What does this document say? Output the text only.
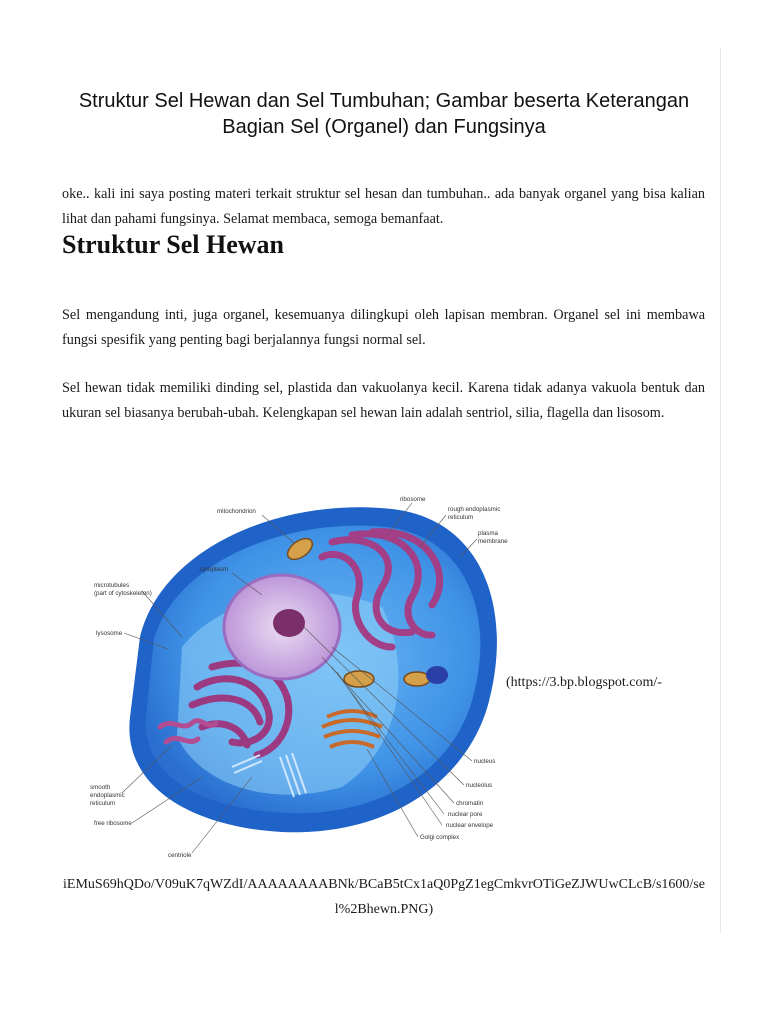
Struktur Sel Hewan dan Sel Tumbuhan; Gambar beserta Keterangan Bagian Sel (Organel) dan Fungsinya

oke.. kali ini saya posting materi terkait struktur sel hesan dan tumbuhan.. ada banyak organel yang bisa kalian lihat dan pahami fungsinya. Selamat membaca, semoga bemanfaat.

Struktur Sel Hewan

Sel mengandung inti, juga organel, kesemuanya dilingkupi oleh lapisan membran. Organel sel ini membawa fungsi spesifik yang penting bagi berjalannya fungsi normal sel.

Sel hewan tidak memiliki dinding sel, plastida dan vakuolanya kecil. Karena tidak adanya vakuola bentuk dan ukuran sel biasanya berubah-ubah. Kelengkapan sel hewan lain adalah sentriol, silia, flagella dan lisosom.

mitochondrion
ribosome
rough endoplasmic
reticulum
plasma
membrane
cytoplasm
microtubules
(part of cytoskeleton)
lysosome
smooth
endoplasmic
reticulum
free ribosome
centriole
nucleus
nucleolus
chromatin
nuclear pore
nuclear envelope
Golgi complex
(https://3.bp.blogspot.com/-
iEMuS69hQDo/V09uK7qWZdI/AAAAAAAABNk/BCaB5tCx1aQ0PgZ1egCmkvrOTiGeZJWUwCLcB/s1600/sel%2Bhewn.PNG)
